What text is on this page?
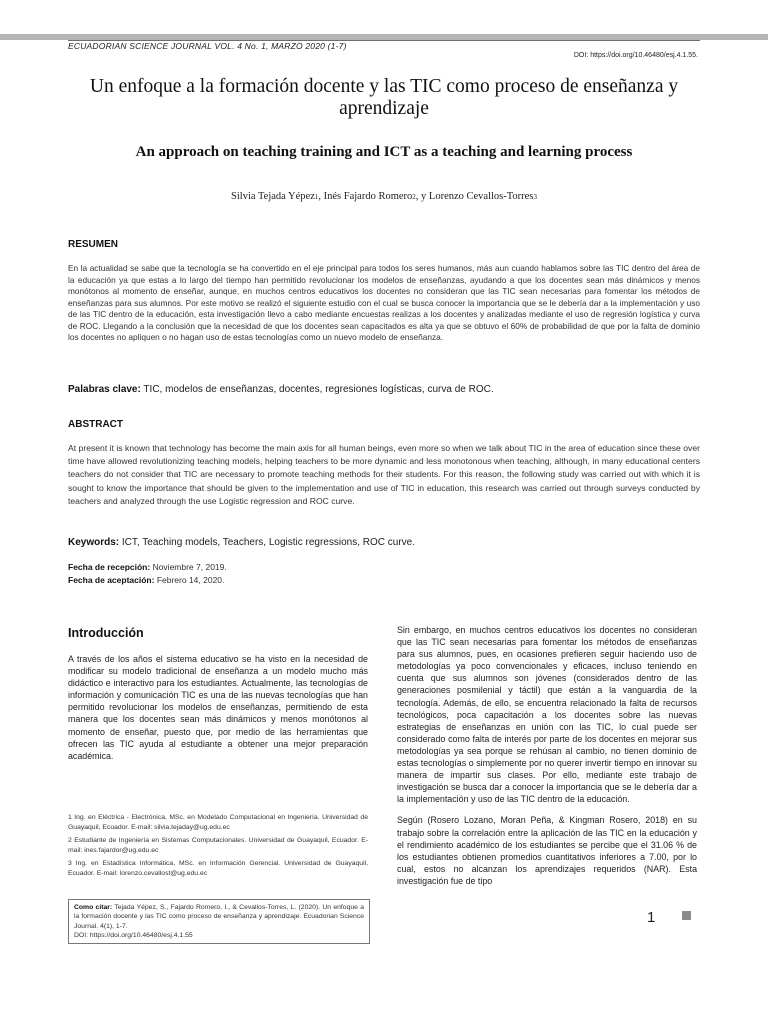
ECUADORIAN SCIENCE JOURNAL VOL. 4 No. 1, MARZO 2020 (1-7)
DOI: https://doi.org/10.46480/esj.4.1.55.
Un enfoque a la formación docente y las TIC como proceso de enseñanza y aprendizaje
An approach on teaching training and ICT as a teaching and learning process
Silvia Tejada Yépez1, Inés Fajardo Romero2, y Lorenzo Cevallos-Torres3
RESUMEN
En la actualidad se sabe que la tecnología se ha convertido en el eje principal para todos los seres humanos, más aun cuando hablamos sobre las TIC dentro del área de la educación ya que estas a lo largo del tiempo han permitido revolucionar los modelos de enseñanzas, ayudando a que los docentes sean más dinámicos y menos monótonos al momento de enseñar, aunque, en muchos centros educativos los docentes no consideran que las TIC sean necesarias para fomentar los métodos de enseñanzas para sus alumnos. Por este motivo se realizó el siguiente estudio con el cual se busca conocer la importancia que se le debería dar a la implementación y uso de las TIC dentro de la educación, esta investigación llevo a cabo mediante encuestas realizas a los docentes y analizadas mediante el uso de regresión logística y curva de ROC. Llegando a la conclusión que la necesidad de que los docentes sean capacitados es alta ya que se obtuvo el 60% de probabilidad de que por la falta de dominio los docentes no apliquen o no hagan uso de estas tecnologías como un nuevo modelo de enseñanza.
Palabras clave: TIC, modelos de enseñanzas, docentes, regresiones logísticas, curva de ROC.
ABSTRACT
At present it is known that technology has become the main axis for all human beings, even more so when we talk about TIC in the area of education since these over time have allowed revolutionizing teaching models, helping teachers to be more dynamic and less monotonous when teaching, although, in many educational centers teachers do not consider that TIC are necessary to promote teaching methods for their students. For this reason, the following study was carried out with which it is sought to know the importance that should be given to the implementation and use of TIC in education, this research was carried out through surveys conducted by teachers and analyzed through the use Logistic regression and ROC curve.
Keywords: ICT, Teaching models, Teachers, Logistic regressions, ROC curve.
Fecha de recepción: Noviembre 7, 2019.
Fecha de aceptación: Febrero 14, 2020.
Introducción

A través de los años el sistema educativo se ha visto en la necesidad de modificar su modelo tradicional de enseñanza a un modelo mucho más didáctico e interactivo para los estudiantes. Actualmente, las tecnologías de información y comunicación TIC es una de las nuevas tecnologías que han permitido revolucionar los modelos de enseñanzas, permitiendo de esta manera que los docentes sean más dinámicos y menos monótonos al momento de enseñar, puesto que, por medio de las herramientas que ofrecen las TIC ayuda al estudiante a obtener una mejor preparación académica.

Sin embargo, en muchos centros educativos los docentes no consideran que las TIC sean necesarias para fomentar los métodos de enseñanzas para sus alumnos, pues, en ocasiones prefieren seguir haciendo uso de metodologías ya poco convencionales y eficaces, incluso teniendo en cuenta que sus alumnos son jóvenes (considerados dentro de las generaciones posmilenial y táctil) que están a la vanguardia de la tecnología. Además, de ello, se encuentra relacionado la falta de recursos tecnológicos, poca capacitación a los docentes sobre las nuevas estrategias de enseñanzas en unión con las TIC, lo cual puede ser considerado como falta de interés por parte de los docentes en mejorar sus metodologías ya sea porque se rehúsan al cambio, no tienen dominio de estas tecnologías o simplemente por no querer invertir tiempo en innovar su manera de impartir sus clases. Por ello, mediante este trabajo de investigación se busca dar a conocer la importancia que se le debería dar a la implementación y uso de las TIC dentro de la educación.

Según (Rosero Lozano, Moran Peña, & Kingman Rosero, 2018) en su trabajo sobre la correlación entre la aplicación de las TIC en la educación y el rendimiento académico de los estudiantes se percibe que el 31.06 % de los estudiantes obtienen promedios cuantitativos inferiores a 7.00, por lo cual, estos no alcanzan los aprendizajes requeridos (NAR). Esta investigación fue de tipo

1 Ing. en Eléctrica - Electrónica, MSc. en Modelado Computacional en Ingeniería. Universidad de Guayaquil, Ecuador. E-mail: silvia.tejaday@ug.edu.ec

2 Estudiante de Ingeniería en Sistemas Computacionales. Universidad de Guayaquil, Ecuador. E-mail: ines.fajardor@ug.edu.ec

3 Ing. en Estadística Informática, MSc. en Información Gerencial. Universidad de Guayaquil, Ecuador. E-mail: lorenzo.cevallost@ug.edu.ec

Como citar: Tejada Yépez, S., Fajardo Romero, I., & Cevallos-Torres, L. (2020). Un enfoque a la formación docente y las TIC como proceso de enseñanza y aprendizaje. Ecuadorian Science Journal. 4(1), 1-7.
DOI: https://doi.org/10.46480/esj.4.1.55
1
